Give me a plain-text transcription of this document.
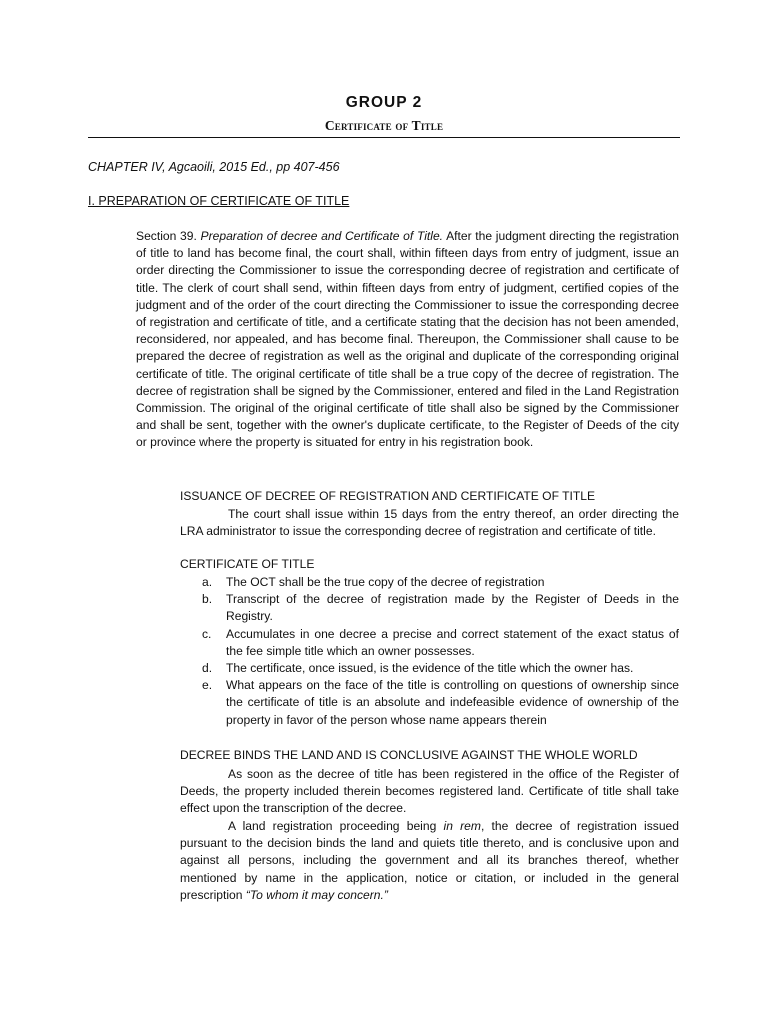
GROUP 2
Certificate of Title
CHAPTER IV, Agcaoili, 2015 Ed., pp 407-456
I. PREPARATION OF CERTIFICATE OF TITLE
Section 39. Preparation of decree and Certificate of Title. After the judgment directing the registration of title to land has become final, the court shall, within fifteen days from entry of judgment, issue an order directing the Commissioner to issue the corresponding decree of registration and certificate of title. The clerk of court shall send, within fifteen days from entry of judgment, certified copies of the judgment and of the order of the court directing the Commissioner to issue the corresponding decree of registration and certificate of title, and a certificate stating that the decision has not been amended, reconsidered, nor appealed, and has become final. Thereupon, the Commissioner shall cause to be prepared the decree of registration as well as the original and duplicate of the corresponding original certificate of title. The original certificate of title shall be a true copy of the decree of registration. The decree of registration shall be signed by the Commissioner, entered and filed in the Land Registration Commission. The original of the original certificate of title shall also be signed by the Commissioner and shall be sent, together with the owner's duplicate certificate, to the Register of Deeds of the city or province where the property is situated for entry in his registration book.
ISSUANCE OF DECREE OF REGISTRATION AND CERTIFICATE OF TITLE
The court shall issue within 15 days from the entry thereof, an order directing the LRA administrator to issue the corresponding decree of registration and certificate of title.
CERTIFICATE OF TITLE
a. The OCT shall be the true copy of the decree of registration
b. Transcript of the decree of registration made by the Register of Deeds in the Registry.
c. Accumulates in one decree a precise and correct statement of the exact status of the fee simple title which an owner possesses.
d. The certificate, once issued, is the evidence of the title which the owner has.
e. What appears on the face of the title is controlling on questions of ownership since the certificate of title is an absolute and indefeasible evidence of ownership of the property in favor of the person whose name appears therein
DECREE BINDS THE LAND AND IS CONCLUSIVE AGAINST THE WHOLE WORLD
As soon as the decree of title has been registered in the office of the Register of Deeds, the property included therein becomes registered land. Certificate of title shall take effect upon the transcription of the decree.
A land registration proceeding being in rem, the decree of registration issued pursuant to the decision binds the land and quiets title thereto, and is conclusive upon and against all persons, including the government and all its branches thereof, whether mentioned by name in the application, notice or citation, or included in the general prescription “To whom it may concern.”
